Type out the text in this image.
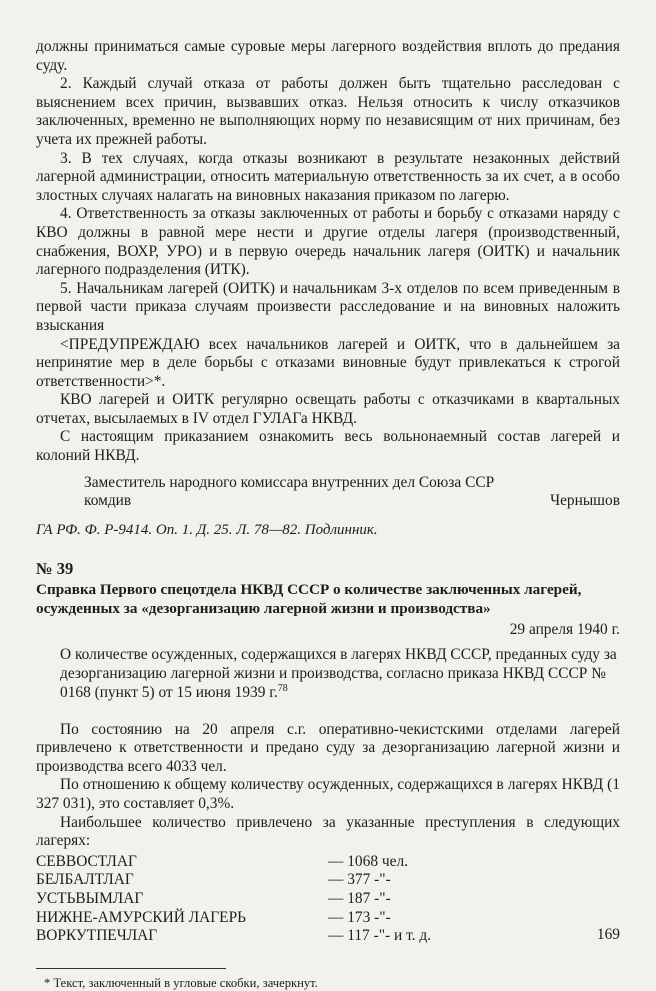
должны приниматься самые суровые меры лагерного воздействия вплоть до предания суду.

2. Каждый случай отказа от работы должен быть тщательно расследован с выяснением всех причин, вызвавших отказ. Нельзя относить к числу отказчиков заключенных, временно не выполняющих норму по независящим от них причинам, без учета их прежней работы.

3. В тех случаях, когда отказы возникают в результате незаконных действий лагерной администрации, относить материальную ответственность за их счет, а в особо злостных случаях налагать на виновных наказания приказом по лагерю.

4. Ответственность за отказы заключенных от работы и борьбу с отказами наряду с КВО должны в равной мере нести и другие отделы лагеря (производственный, снабжения, ВОХР, УРО) и в первую очередь начальник лагеря (ОИТК) и начальник лагерного подразделения (ИТК).

5. Начальникам лагерей (ОИТК) и начальникам 3-х отделов по всем приведенным в первой части приказа случаям произвести расследование и на виновных наложить взыскания

<ПРЕДУПРЕЖДАЮ всех начальников лагерей и ОИТК, что в дальнейшем за непринятие мер в деле борьбы с отказами виновные будут привлекаться к строгой ответственности>*.

КВО лагерей и ОИТК регулярно освещать работы с отказчиками в квартальных отчетах, высылаемых в IV отдел ГУЛАГа НКВД.

С настоящим приказанием ознакомить весь вольнонаемный состав лагерей и колоний НКВД.

Заместитель народного комиссара внутренних дел Союза ССР
комдив	Чернышов

ГА РФ. Ф. Р-9414. Оп. 1. Д. 25. Л. 78—82. Подлинник.

№ 39
Справка Первого спецотдела НКВД СССР о количестве заключенных лагерей, осужденных за «дезорганизацию лагерной жизни и производства»
29 апреля 1940 г.
О количестве осужденных, содержащихся в лагерях НКВД СССР, преданных суду за дезорганизацию лагерной жизни и производства, согласно приказа НКВД СССР № 0168 (пункт 5) от 15 июня 1939 г.$^{78}$

По состоянию на 20 апреля с.г. оперативно-чекистскими отделами лагерей привлечено к ответственности и предано суду за дезорганизацию лагерной жизни и производства всего 4033 чел.

По отношению к общему количеству осужденных, содержащихся в лагерях НКВД (1 327 031), это составляет 0,3%.

Наибольшее количество привлечено за указанные преступления в следующих лагерях:

СЕВВОСТЛАГ	— 1068 чел.
БЕЛБАЛТЛАГ	— 377 -"-
УСТЬВЫМЛАГ	— 187 -"-
НИЖНЕ-АМУРСКИЙ ЛАГЕРЬ	— 173 -"-
ВОРКУТПЕЧЛАГ	— 117 -"- и т. д.
* Текст, заключенный в угловые скобки, зачеркнут.
169
